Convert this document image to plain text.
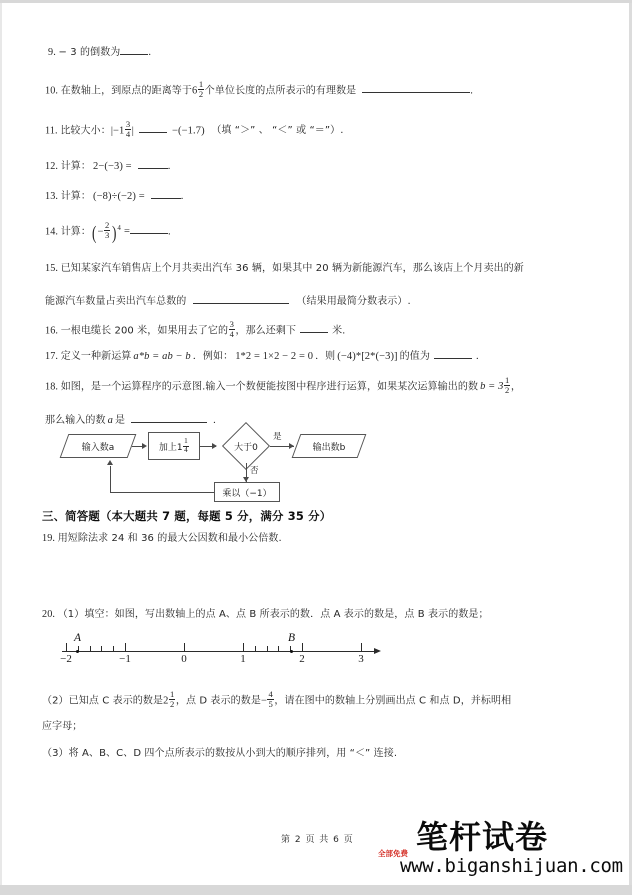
9. − 3 的倒数为	.
10. 在数轴上，到原点的距离等于$6 \frac{1}{2}$ 个单位长度的点所表示的有理数是	.
11. 比较大小：$|-1 \frac{3}{4}$ |	−(−1.7) （填 “＞” 、 “＜” 或 “＝”）.
12. 计算： 2−(−3) =	.
13. 计算： (−8)÷(−2) =	.
14. 计算：(− $\frac{2}{3} )^4$ =	.
15. 已知某家汽车销售店上个月共卖出汽车 36 辆，如果其中 20 辆为新能源汽车，那么该店上个月卖出的新
能源汽车数量占卖出汽车总数的	（结果用最简分数表示）.
16. 一根电缆长 200 米，如果用去了它的 $\frac{3}{4}$ ，那么还剩下	米.
17. 定义一种新运算 a*b = ab − b ．例如： 1*2 = 1×2 − 2 = 0 ．则 (−4)*[2*(−3)] 的值为	.
18. 如图，是一个运算程序的示意图.输入一个数便能按图中程序进行运算，如果某次运算输出的数 $b = 3 \frac{1}{2}$ ，
那么输入的数 a 是	.
输入数a	加上$1 \frac{1}{4}$	大于0
是
输出数b
否
乘以（−1）
三、简答题（本大题共 7 题，每题 5 分，满分 35 分）
19. 用短除法求 24 和 36 的最大公因数和最小公倍数.
20. （1）填空：如图，写出数轴上的点 A、点 B 所表示的数．点 A 表示的数是，点 B 表示的数是；
−2	−1	0	1	2	3
A	B
（2）已知点 C 表示的数是$2 \frac{1}{2}$ ，点 D 表示的数是− $\frac{4}{5}$ ，请在图中的数轴上分别画出点 C 和点 D，并标明相
应字母；
（3）将 A、B、C、D 四个点所表示的数按从小到大的顺序排列，用 “＜” 连接.
第 2 页 共 6 页 笔杆试卷
全部免费
www.biganshijuan.com
